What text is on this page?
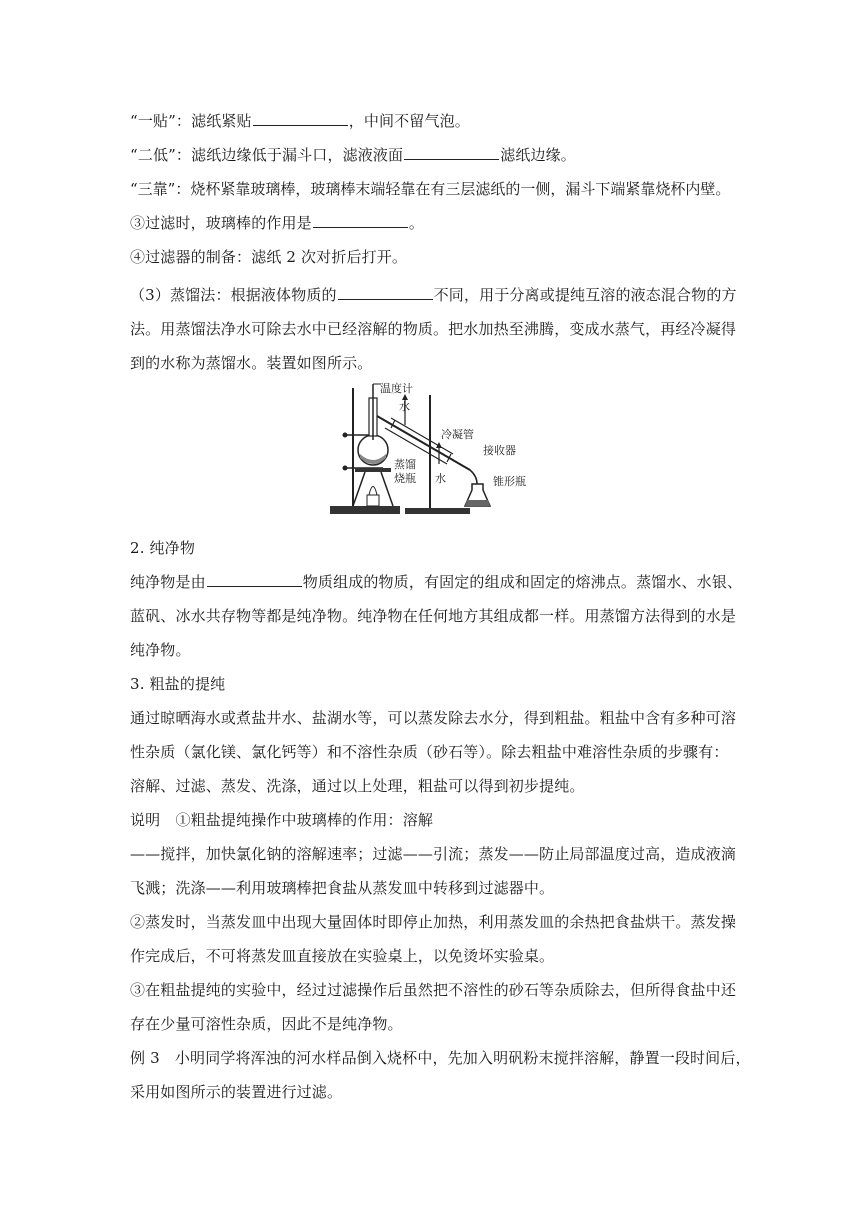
“一贴”：滤纸紧贴	，中间不留气泡。
“二低”：滤纸边缘低于漏斗口，滤液液面	滤纸边缘。
“三靠”：烧杯紧靠玻璃棒，玻璃棒末端轻靠在有三层滤纸的一侧，漏斗下端紧靠烧杯内壁。
③过滤时，玻璃棒的作用是	。
④过滤器的制备：滤纸 2 次对折后打开。
（3）蒸馏法：根据液体物质的	不同，用于分离或提纯互溶的液态混合物的方
法。用蒸馏法净水可除去水中已经溶解的物质。把水加热至沸腾，变成水蒸气，再经冷凝得
到的水称为蒸馏水。装置如图所示。
温度计
水
冷凝管
接收器
蒸馏
烧瓶 水	锥形瓶
2. 纯净物
纯净物是由	物质组成的物质，有固定的组成和固定的熔沸点。蒸馏水、水银、
蓝矾、冰水共存物等都是纯净物。纯净物在任何地方其组成都一样。用蒸馏方法得到的水是
纯净物。
3. 粗盐的提纯
通过晾晒海水或煮盐井水、盐湖水等，可以蒸发除去水分，得到粗盐。粗盐中含有多种可溶
性杂质（氯化镁、氯化钙等）和不溶性杂质（砂石等）。除去粗盐中难溶性杂质的步骤有：
溶解、过滤、蒸发、洗涤，通过以上处理，粗盐可以得到初步提纯。
说明　①粗盐提纯操作中玻璃棒的作用：溶解
——搅拌，加快氯化钠的溶解速率；过滤——引流；蒸发——防止局部温度过高，造成液滴
飞溅；洗涤——利用玻璃棒把食盐从蒸发皿中转移到过滤器中。
②蒸发时，当蒸发皿中出现大量固体时即停止加热，利用蒸发皿的余热把食盐烘干。蒸发操
作完成后，不可将蒸发皿直接放在实验桌上，以免烫坏实验桌。
③在粗盐提纯的实验中，经过过滤操作后虽然把不溶性的砂石等杂质除去，但所得食盐中还
存在少量可溶性杂质，因此不是纯净物。
例 3　小明同学将浑浊的河水样品倒入烧杯中，先加入明矾粉末搅拌溶解，静置一段时间后，
采用如图所示的装置进行过滤。
